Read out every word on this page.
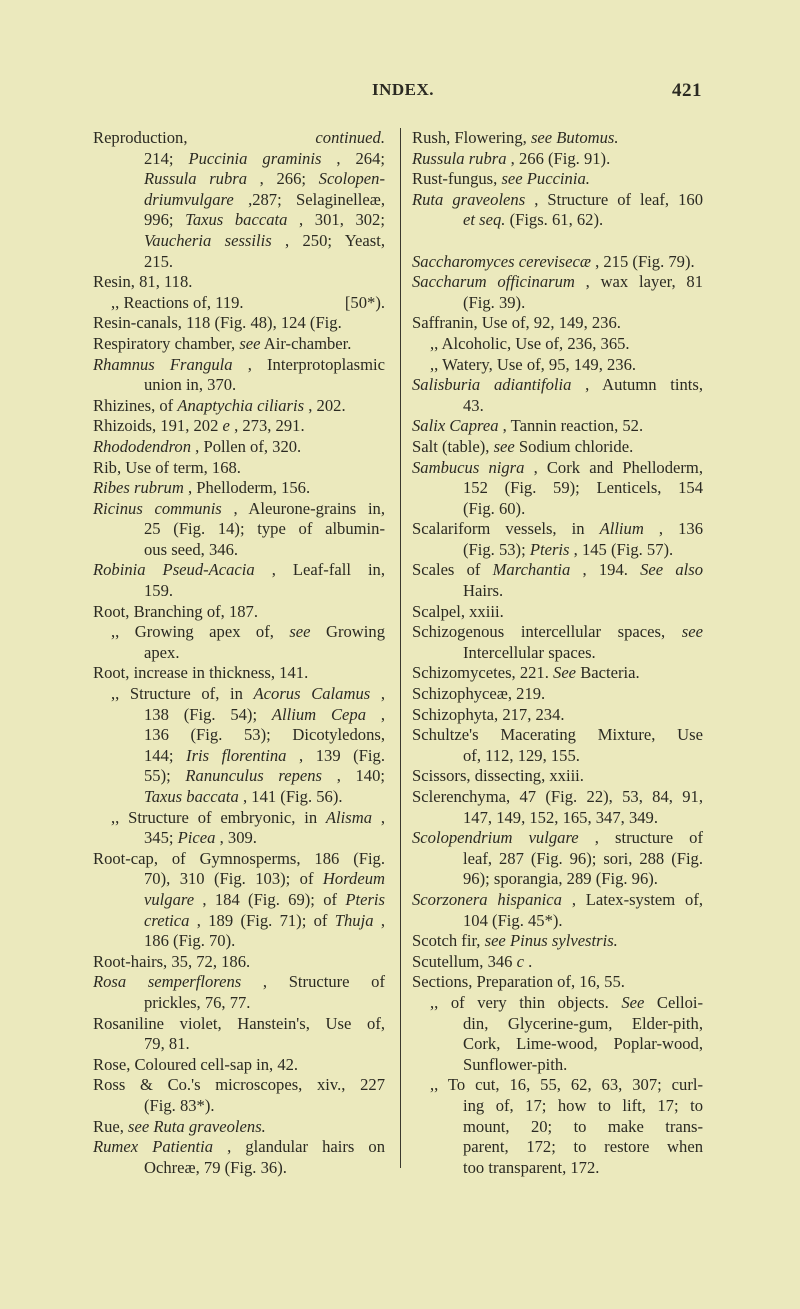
INDEX.	421
Reproduction, continued.
214; Puccinia graminis , 264;
Russula rubra , 266; Scolopen-
driumvulgare ,287; Selaginelleæ,
996; Taxus baccata , 301, 302;
Vaucheria sessilis , 250; Yeast,
215.
Resin, 81, 118.
[50*).
,, Reactions of, 119.
Resin-canals, 118 (Fig. 48), 124 (Fig.
Respiratory chamber, see Air-chamber.
Rhamnus Frangula , Interprotoplasmic
union in, 370.
Rhizines, of Anaptychia ciliaris , 202.
Rhizoids, 191, 202 e , 273, 291.
Rhododendron , Pollen of, 320.
Rib, Use of term, 168.
Ribes rubrum , Phelloderm, 156.
Ricinus communis , Aleurone-grains in,
25 (Fig. 14); type of albumin-
ous seed, 346.
Robinia Pseud-Acacia , Leaf-fall in,
159.
Root, Branching of, 187.
,, Growing apex of, see Growing
apex.
Root, increase in thickness, 141.
,, Structure of, in Acorus Calamus ,
138 (Fig. 54); Allium Cepa ,
136 (Fig. 53); Dicotyledons,
144; Iris florentina , 139 (Fig.
55); Ranunculus repens , 140;
Taxus baccata , 141 (Fig. 56).
,, Structure of embryonic, in Alisma ,
345; Picea , 309.
Root-cap, of Gymnosperms, 186 (Fig.
70), 310 (Fig. 103); of Hordeum
vulgare , 184 (Fig. 69); of Pteris
cretica , 189 (Fig. 71); of Thuja ,
186 (Fig. 70).
Root-hairs, 35, 72, 186.
Rosa semperflorens , Structure of
prickles, 76, 77.
Rosaniline violet, Hanstein's, Use of,
79, 81.
Rose, Coloured cell-sap in, 42.
Ross & Co.'s microscopes, xiv., 227
(Fig. 83*).
Rue, see Ruta graveolens.
Rumex Patientia , glandular hairs on
Ochreæ, 79 (Fig. 36).
Rush, Flowering, see Butomus.
Russula rubra , 266 (Fig. 91).
Rust-fungus, see Puccinia.
Ruta graveolens , Structure of leaf, 160
et seq. (Figs. 61, 62).
Saccharomyces cerevisecæ , 215 (Fig. 79).
Saccharum officinarum , wax layer, 81
(Fig. 39).
Saffranin, Use of, 92, 149, 236.
,, Alcoholic, Use of, 236, 365.
,, Watery, Use of, 95, 149, 236.
Salisburia adiantifolia , Autumn tints,
43.
Salix Caprea , Tannin reaction, 52.
Salt (table), see Sodium chloride.
Sambucus nigra , Cork and Phelloderm,
152 (Fig. 59); Lenticels, 154
(Fig. 60).
Scalariform vessels, in Allium , 136
(Fig. 53); Pteris , 145 (Fig. 57).
Scales of Marchantia , 194. See also
Hairs.
Scalpel, xxiii.
Schizogenous intercellular spaces, see
Intercellular spaces.
Schizomycetes, 221. See Bacteria.
Schizophyceæ, 219.
Schizophyta, 217, 234.
Schultze's Macerating Mixture, Use
of, 112, 129, 155.
Scissors, dissecting, xxiii.
Sclerenchyma, 47 (Fig. 22), 53, 84, 91,
147, 149, 152, 165, 347, 349.
Scolopendrium vulgare , structure of
leaf, 287 (Fig. 96); sori, 288 (Fig.
96); sporangia, 289 (Fig. 96).
Scorzonera hispanica , Latex-system of,
104 (Fig. 45*).
Scotch fir, see Pinus sylvestris.
Scutellum, 346 c .
Sections, Preparation of, 16, 55.
,, of very thin objects. See Celloi-
din, Glycerine-gum, Elder-pith,
Cork, Lime-wood, Poplar-wood,
Sunflower-pith.
,, To cut, 16, 55, 62, 63, 307; curl-
ing of, 17; how to lift, 17; to
mount, 20; to make trans-
parent, 172; to restore when
too transparent, 172.
